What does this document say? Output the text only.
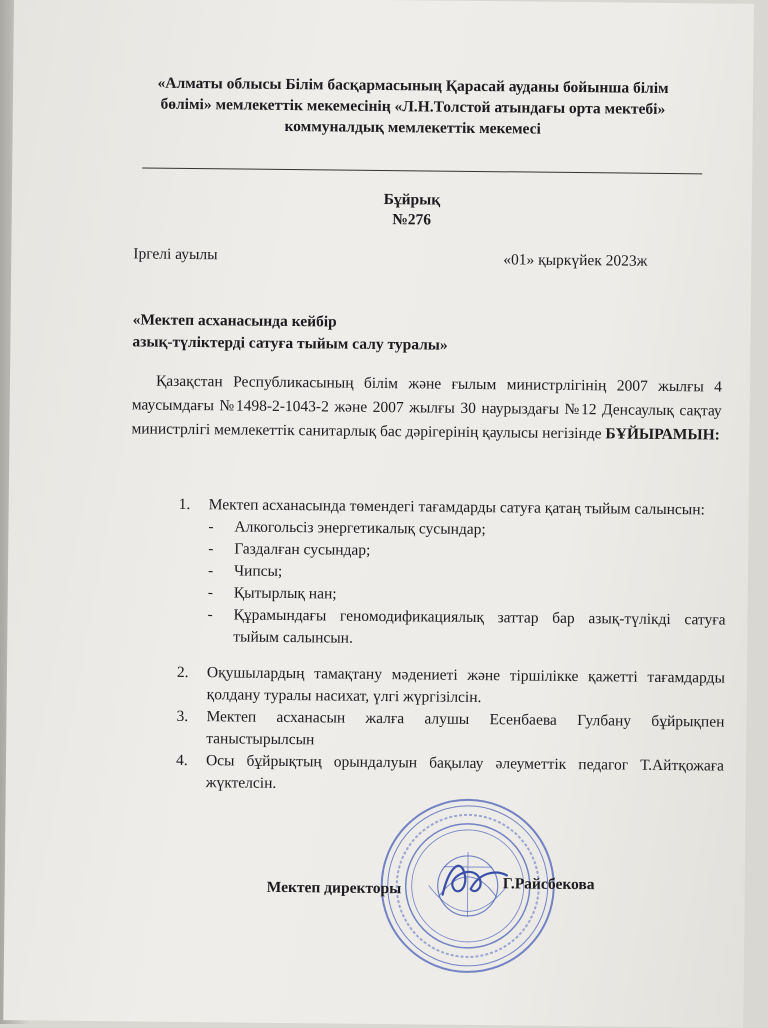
«Алматы облысы Білім басқармасының Қарасай ауданы бойынша білім
бөлімі» мемлекеттік мекемесінің «Л.Н.Толстой атындағы орта мектебі»
коммуналдық мемлекеттік мекемесі
Бұйрық
№276
Іргелі ауылы	«01» қыркүйек 2023ж
«Мектеп асханасында кейбір
азық-түліктерді сатуға тыйым салу туралы»
Қазақстан Республикасының білім және ғылым министрлігінің 2007 жылғы 4 маусымдағы №1498-2-1043-2 және 2007 жылғы 30 наурыздағы №12 Денсаулық сақтау министрлігі мемлекеттік санитарлық бас дәрігерінің қаулысы негізінде БҰЙЫРАМЫН:
1. Мектеп асханасында төмендегі тағамдарды сатуға қатаң тыйым салынсын:
- Алкогольсіз энергетикалық сусындар;
- Газдалған сусындар;
- Чипсы;
- Қытырлық нан;
- Құрамындағы геномодификациялық заттар бар азық-түлікді сатуға тыйым салынсын.
2. Оқушылардың тамақтану мәдениеті және тіршілікке қажетті тағамдарды қолдану туралы насихат, үлгі жүргізілсін.
3. Мектеп асханасын жалға алушы Есенбаева Гулбану бұйрықпен таныстырылсын
4. Осы бұйрықтың орындалуын бақылау әлеуметтік педагог Т.Айтқожаға жүктелсін.
Мектеп директоры	Г.Райсбекова
